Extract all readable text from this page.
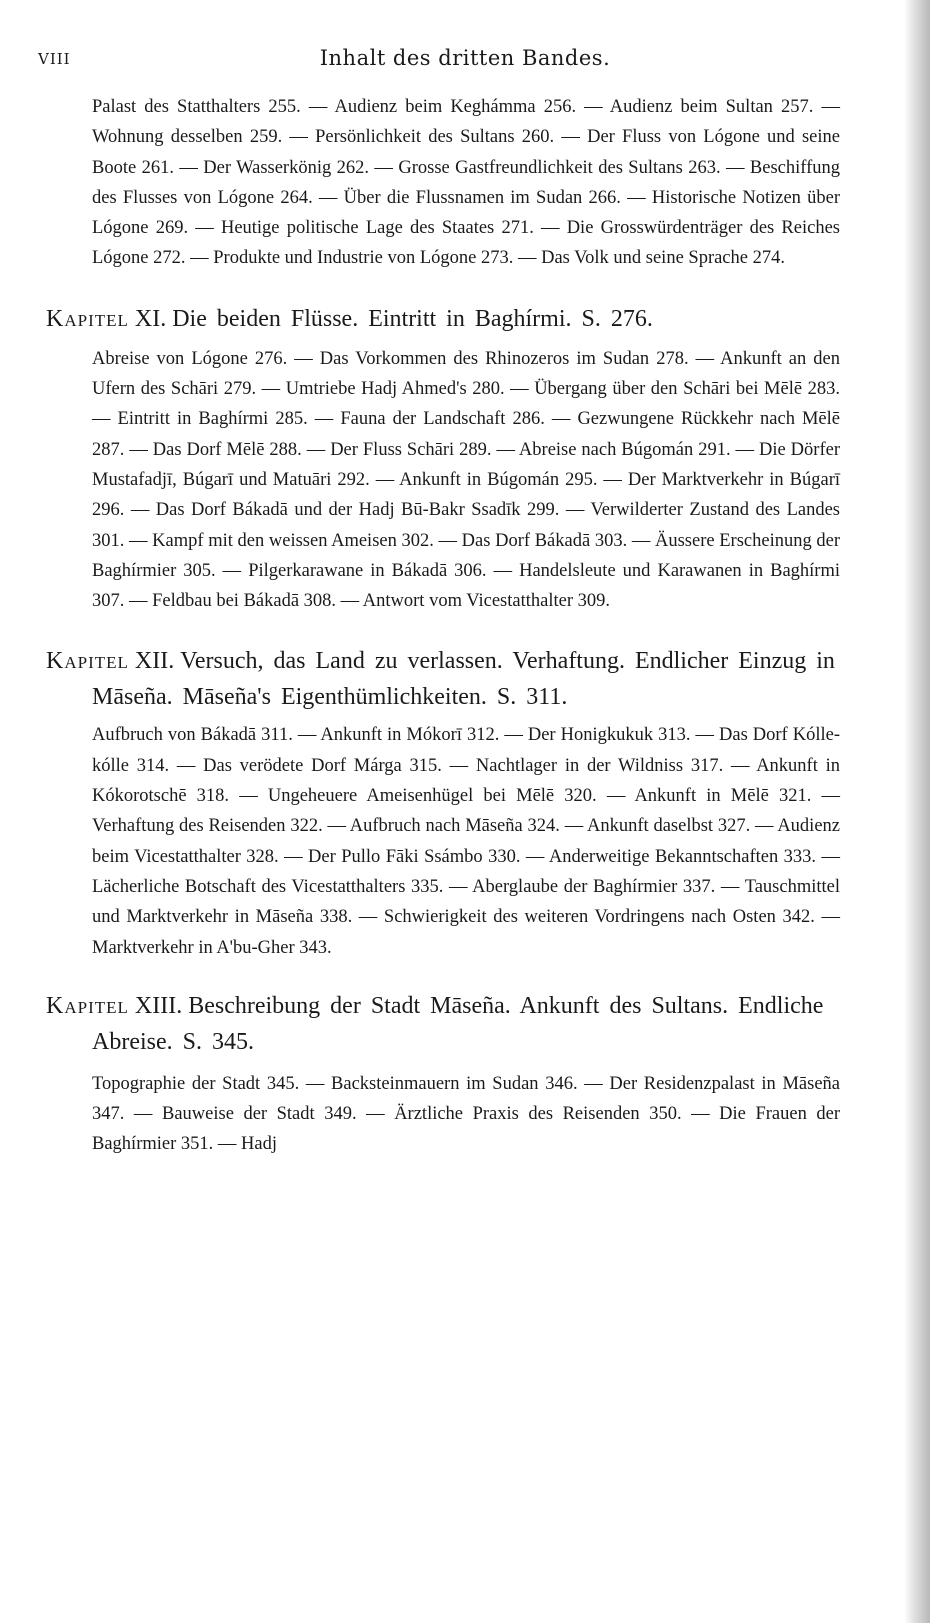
VIII	Inhalt des dritten Bandes.

Palast des Statthalters 255. — Audienz beim Keghámma 256. — Audienz beim Sultan 257. — Wohnung desselben 259. — Persönlichkeit des Sultans 260. — Der Fluss von Lógone und seine Boote 261. — Der Wasserkönig 262. — Grosse Gastfreundlichkeit des Sultans 263. — Beschiffung des Flusses von Lógone 264. — Über die Flussnamen im Sudan 266. — Historische Notizen über Lógone 269. — Heutige politische Lage des Staates 271. — Die Grosswürdenträger des Reiches Lógone 272. — Produkte und Industrie von Lógone 273. — Das Volk und seine Sprache 274.

KAPITEL XI. Die beiden Flüsse. Eintritt in Baghírmi. S. 276.

Abreise von Lógone 276. — Das Vorkommen des Rhinozeros im Sudan 278. — Ankunft an den Ufern des Schāri 279. — Umtriebe Hadj Ahmed's 280. — Übergang über den Schāri bei Mēlē 283. — Eintritt in Baghírmi 285. — Fauna der Landschaft 286. — Gezwungene Rückkehr nach Mēlē 287. — Das Dorf Mēlē 288. — Der Fluss Schāri 289. — Abreise nach Búgomán 291. — Die Dörfer Mustafadjī, Búgarī und Matuāri 292. — Ankunft in Búgomán 295. — Der Marktverkehr in Búgarī 296. — Das Dorf Bákadā und der Hadj Bū-Bakr Ssadīk 299. — Verwilderter Zustand des Landes 301. — Kampf mit den weissen Ameisen 302. — Das Dorf Bákadā 303. — Äussere Erscheinung der Baghírmier 305. — Pilgerkarawane in Bákadā 306. — Handelsleute und Karawanen in Baghírmi 307. — Feldbau bei Bákadā 308. — Antwort vom Vicestatthalter 309.

KAPITEL XII. Versuch, das Land zu verlassen. Verhaftung. Endlicher Einzug in Māseña. Māseña's Eigenthümlichkeiten. S. 311.

Aufbruch von Bákadā 311. — Ankunft in Mókorī 312. — Der Honigkukuk 313. — Das Dorf Kólle-kólle 314. — Das verödete Dorf Márga 315. — Nachtlager in der Wildniss 317. — Ankunft in Kókorotschē 318. — Ungeheuere Ameisenhügel bei Mēlē 320. — Ankunft in Mēlē 321. — Verhaftung des Reisenden 322. — Aufbruch nach Māseña 324. — Ankunft daselbst 327. — Audienz beim Vicestatthalter 328. — Der Pullo Fāki Ssámbo 330. — Anderweitige Bekanntschaften 333. — Lächerliche Botschaft des Vicestatthalters 335. — Aberglaube der Baghírmier 337. — Tauschmittel und Marktverkehr in Māseña 338. — Schwierigkeit des weiteren Vordringens nach Osten 342. — Marktverkehr in A'bu-Gher 343.

KAPITEL XIII. Beschreibung der Stadt Māseña. Ankunft des Sultans. Endliche Abreise. S. 345.

Topographie der Stadt 345. — Backsteinmauern im Sudan 346. — Der Residenzpalast in Māseña 347. — Bauweise der Stadt 349. — Ärztliche Praxis des Reisenden 350. — Die Frauen der Baghírmier 351. — Hadj
